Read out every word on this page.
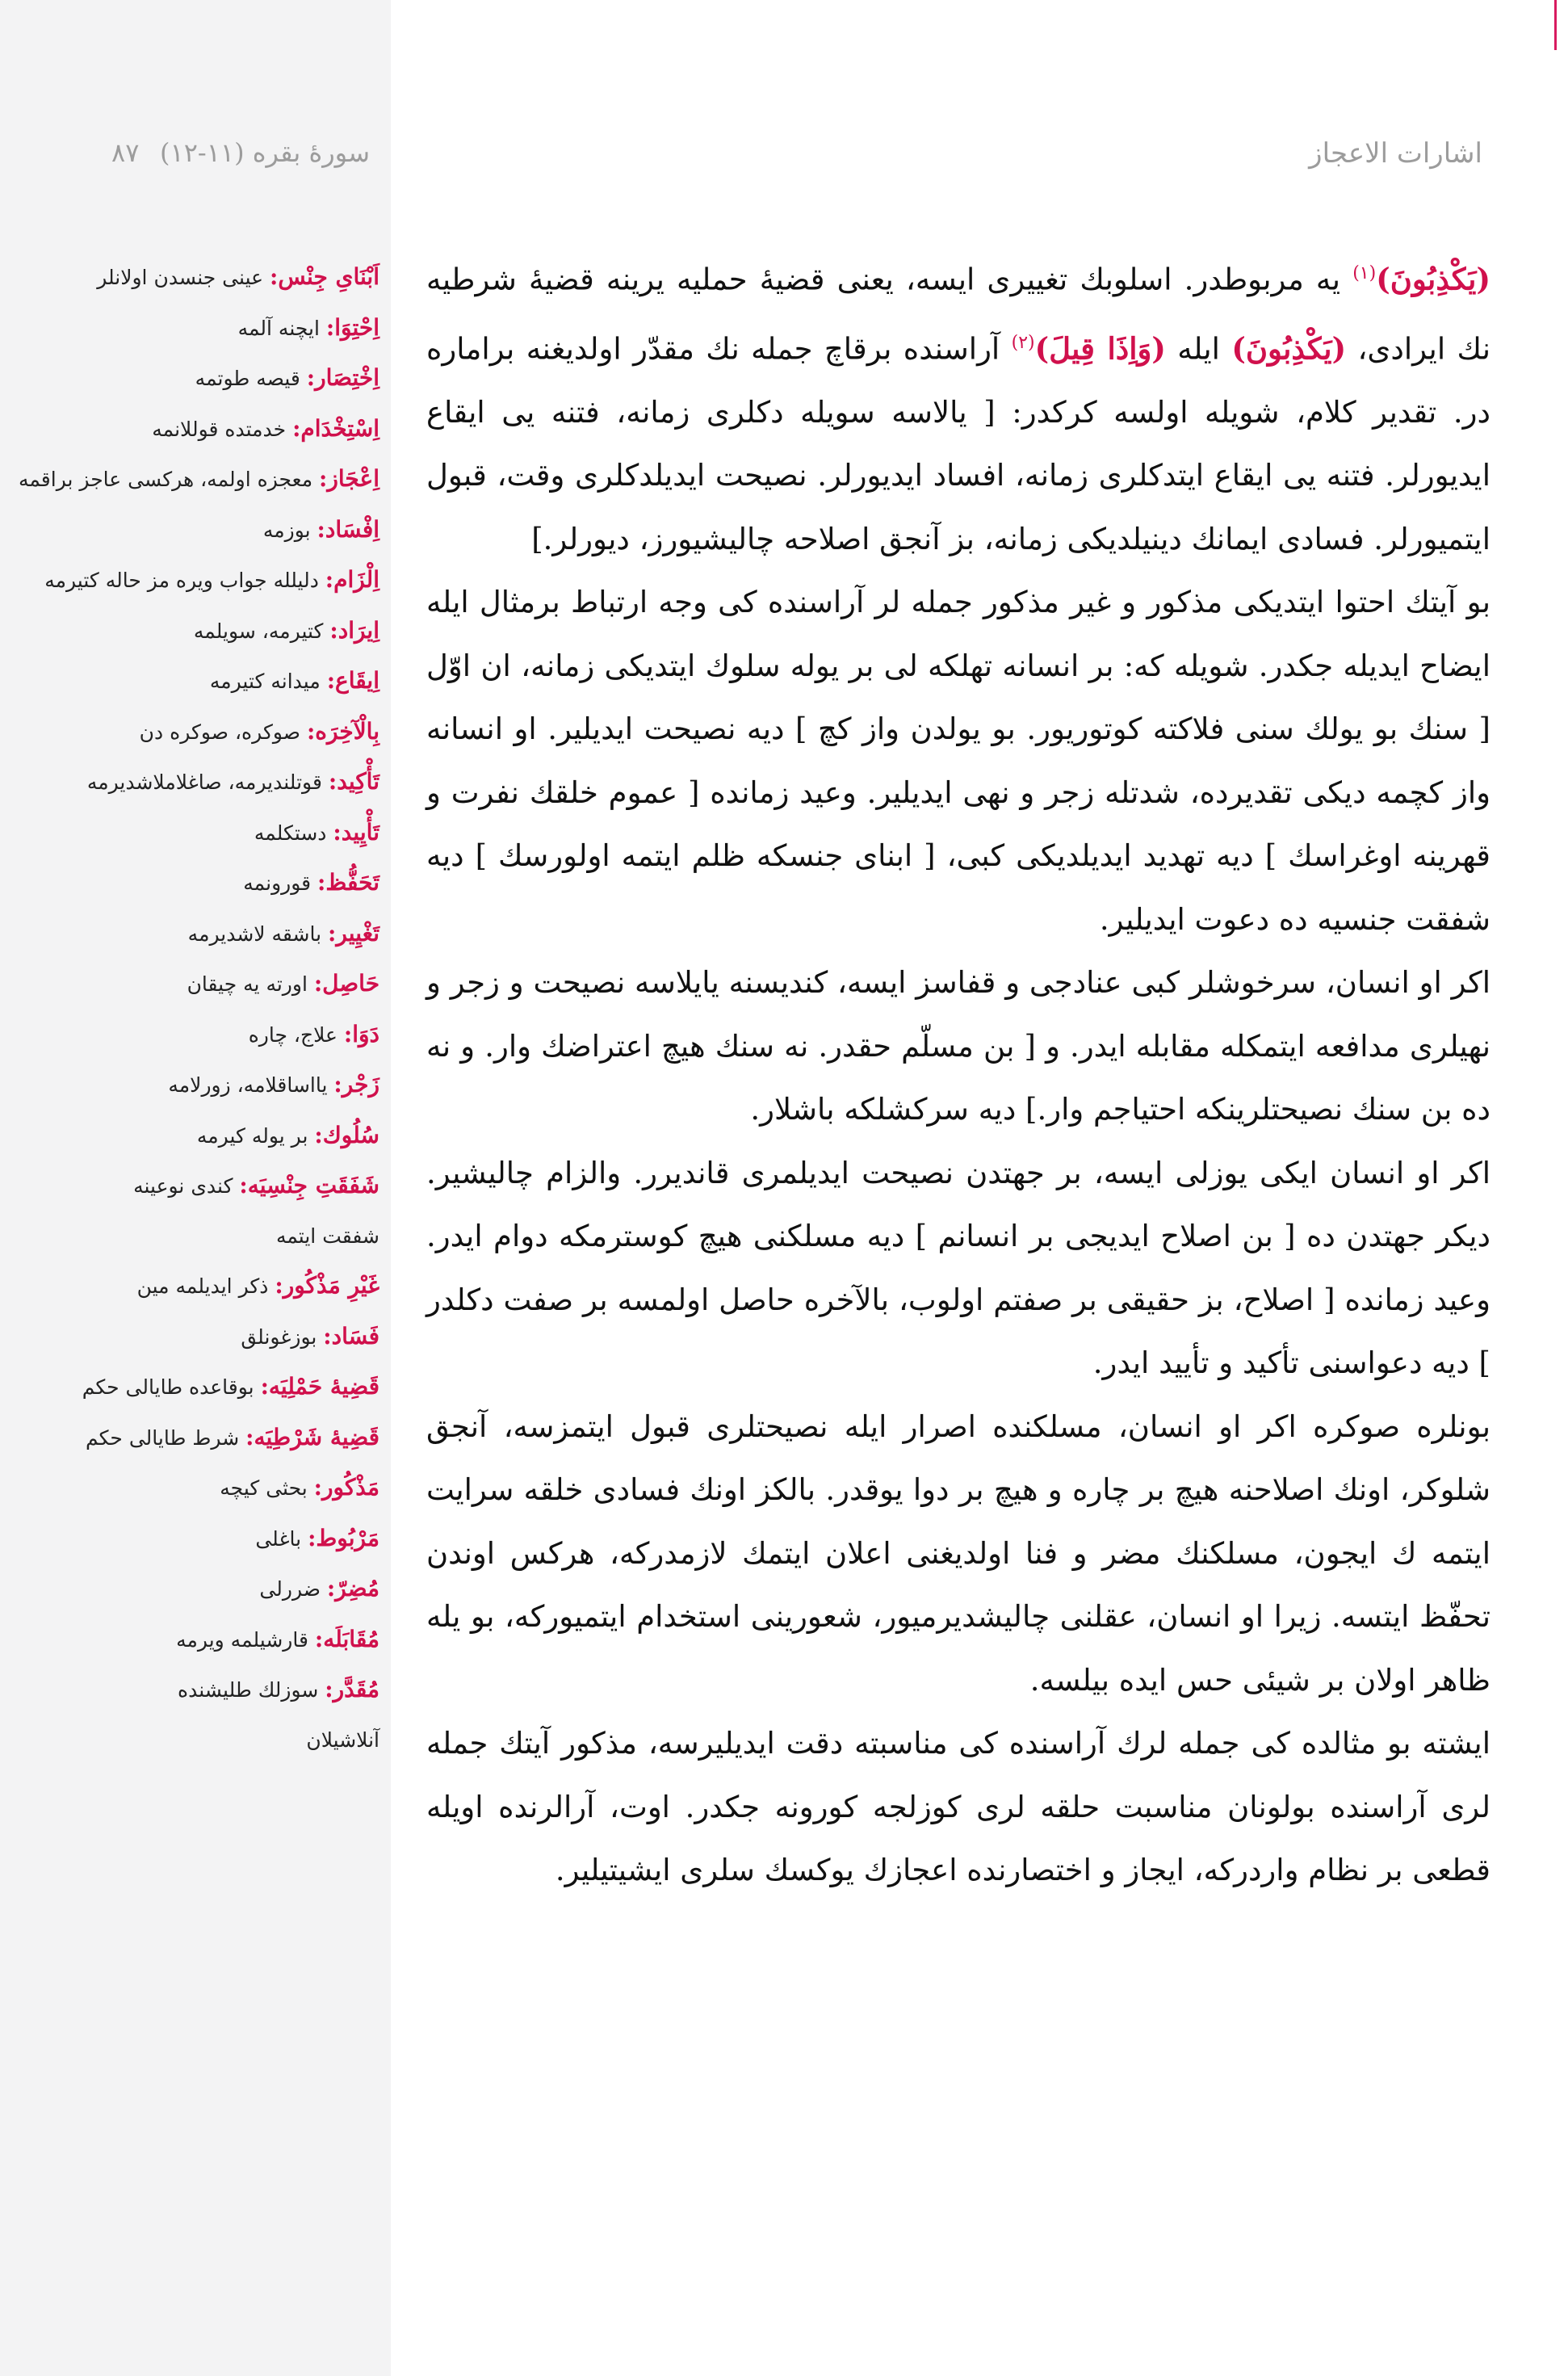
سورهٔ بقره (١١-١٢)
٨٧	اشارات الاعجاز
اَبْنَاىِ جِنْس: عينى جنسدن اولانلر
اِحْتِوَا: ايچنه آلمه
اِخْتِصَار: قيصه طوتمه
اِسْتِخْدَام: خدمتده قوللانمه
اِعْجَاز: معجزه اولمه، هركسى عاجز براقمه
اِفْسَاد: بوزمه
اِلْزَام: دليلله جواب ويره مز حاله كتيرمه
اِيرَاد: كتيرمه، سويلمه
اِيقَاع: ميدانه كتيرمه
بِالْآخِرَه: صوكره، صوكره دن
تَأْكِيد: قوتلنديرمه، صاغلاملاشديرمه
تَأْيِيد: دستكلمه
تَحَفُّظ: قورونمه
تَغْيِير: باشقه لاشديرمه
حَاصِل: اورته يه چيقان
دَوَا: علاج، چاره
زَجْر: يااساقلامه، زورلامه
سُلُوك: بر يوله كيرمه
شَفَقَتِ جِنْسِيَه: كندى نوعينه
شفقت ايتمه
غَيْرِ مَذْكُور: ذكر ايديلمه مين
فَسَاد: بوزغونلق
قَضِيهٔ حَمْلِيَه: بوقاعده طايالى حكم
قَضِيهٔ شَرْطِيَه: شرط طايالى حكم
مَذْكُور: بحثى كيچه
مَرْبُوط: باغلى
مُضِرّ: ضررلى
مُقَابَلَه: قارشيلمه ويرمه
مُقَدَّر: سوزلك طليشنده
آنلاشيلان

(يَكْذِبُونَ)$^{(١)}$ يه مربوطدر. اسلوبك تغييرى ايسه، يعنى قضيهٔ حمليه يرينه قضيهٔ شرطيه نك ايرادى، (يَكْذِبُونَ) ايله (وَاِذَا قِيلَ)$^{(٢)}$ آراسنده برقاچ جمله نك مقدّر اولديغنه براماره در. تقدير كلام، شويله اولسه كركدر: [ يالاسه سويله دكلرى زمانه، فتنه يى ايقاع ايديورلر. فتنه يى ايقاع ايتدكلرى زمانه، افساد ايديورلر. نصيحت ايديلدكلرى وقت، قبول ايتميورلر. فسادى ايمانك دينيلديكى زمانه، بز آنجق اصلاحه چاليشيورز، ديورلر.]

بو آيتك احتوا ايتديكى مذكور و غير مذكور جمله لر آراسنده كى وجه ارتباط برمثال ايله ايضاح ايديله جكدر. شويله كه: بر انسانه تهلكه لى بر يوله سلوك ايتديكى زمانه، ان اوّل [ سنك بو يولك سنى فلاكته كوتوريور. بو يولدن واز كچ ] ديه نصيحت ايديلير. او انسانه واز كچمه ديكى تقديرده، شدتله زجر و نهى ايديلير. وعيد زمانده [ عموم خلقك نفرت و قهرينه اوغراسك ] ديه تهديد ايديلديكى كبى، [ ابناى جنسكه ظلم ايتمه اولورسك ] ديه شفقت جنسيه ده دعوت ايديلير.

اكر او انسان، سرخوشلر كبى عنادجى و قفاسز ايسه، كنديسنه يايلاسه نصيحت و زجر و نهيلرى مدافعه ايتمكله مقابله ايدر. و [ بن مسلّم حقدر. نه سنك هيچ اعتراضك وار. و نه ده بن سنك نصيحتلرينكه احتياجم وار.] ديه سركشلكه باشلار.

اكر او انسان ايكى يوزلى ايسه، بر جهتدن نصيحت ايديلمرى قانديرر. والزام چاليشير. ديكر جهتدن ده [ بن اصلاح ايديجى بر انسانم ] ديه مسلكنى هيچ كوسترمكه دوام ايدر. وعيد زمانده [ اصلاح، بز حقيقى بر صفتم اولوب، بالآخره حاصل اولمسه بر صفت دكلدر ] ديه دعواسنى تأكيد و تأييد ايدر.

بونلره صوكره اكر او انسان، مسلكنده اصرار ايله نصيحتلرى قبول ايتمزسه، آنجق شلوكر، اونك اصلاحنه هيچ بر چاره و هيچ بر دوا يوقدر. بالكز اونك فسادى خلقه سرايت ايتمه ك ايجون، مسلكنك مضر و فنا اولديغنى اعلان ايتمك لازمدركه، هركس اوندن تحفّظ ايتسه. زيرا او انسان، عقلنى چاليشديرميور، شعورينى استخدام ايتميوركه، بو يله ظاهر اولان بر شيئى حس ايده بيلسه.

ايشته بو مثالده كى جمله لرك آراسنده كى مناسبته دقت ايديليرسه، مذكور آيتك جمله لرى آراسنده بولونان مناسبت حلقه لرى كوزلجه كورونه جكدر. اوت، آرالرنده اويله قطعى بر نظام واردركه، ايجاز و اختصارنده اعجازك يوكسك سلرى ايشيتيلير.
